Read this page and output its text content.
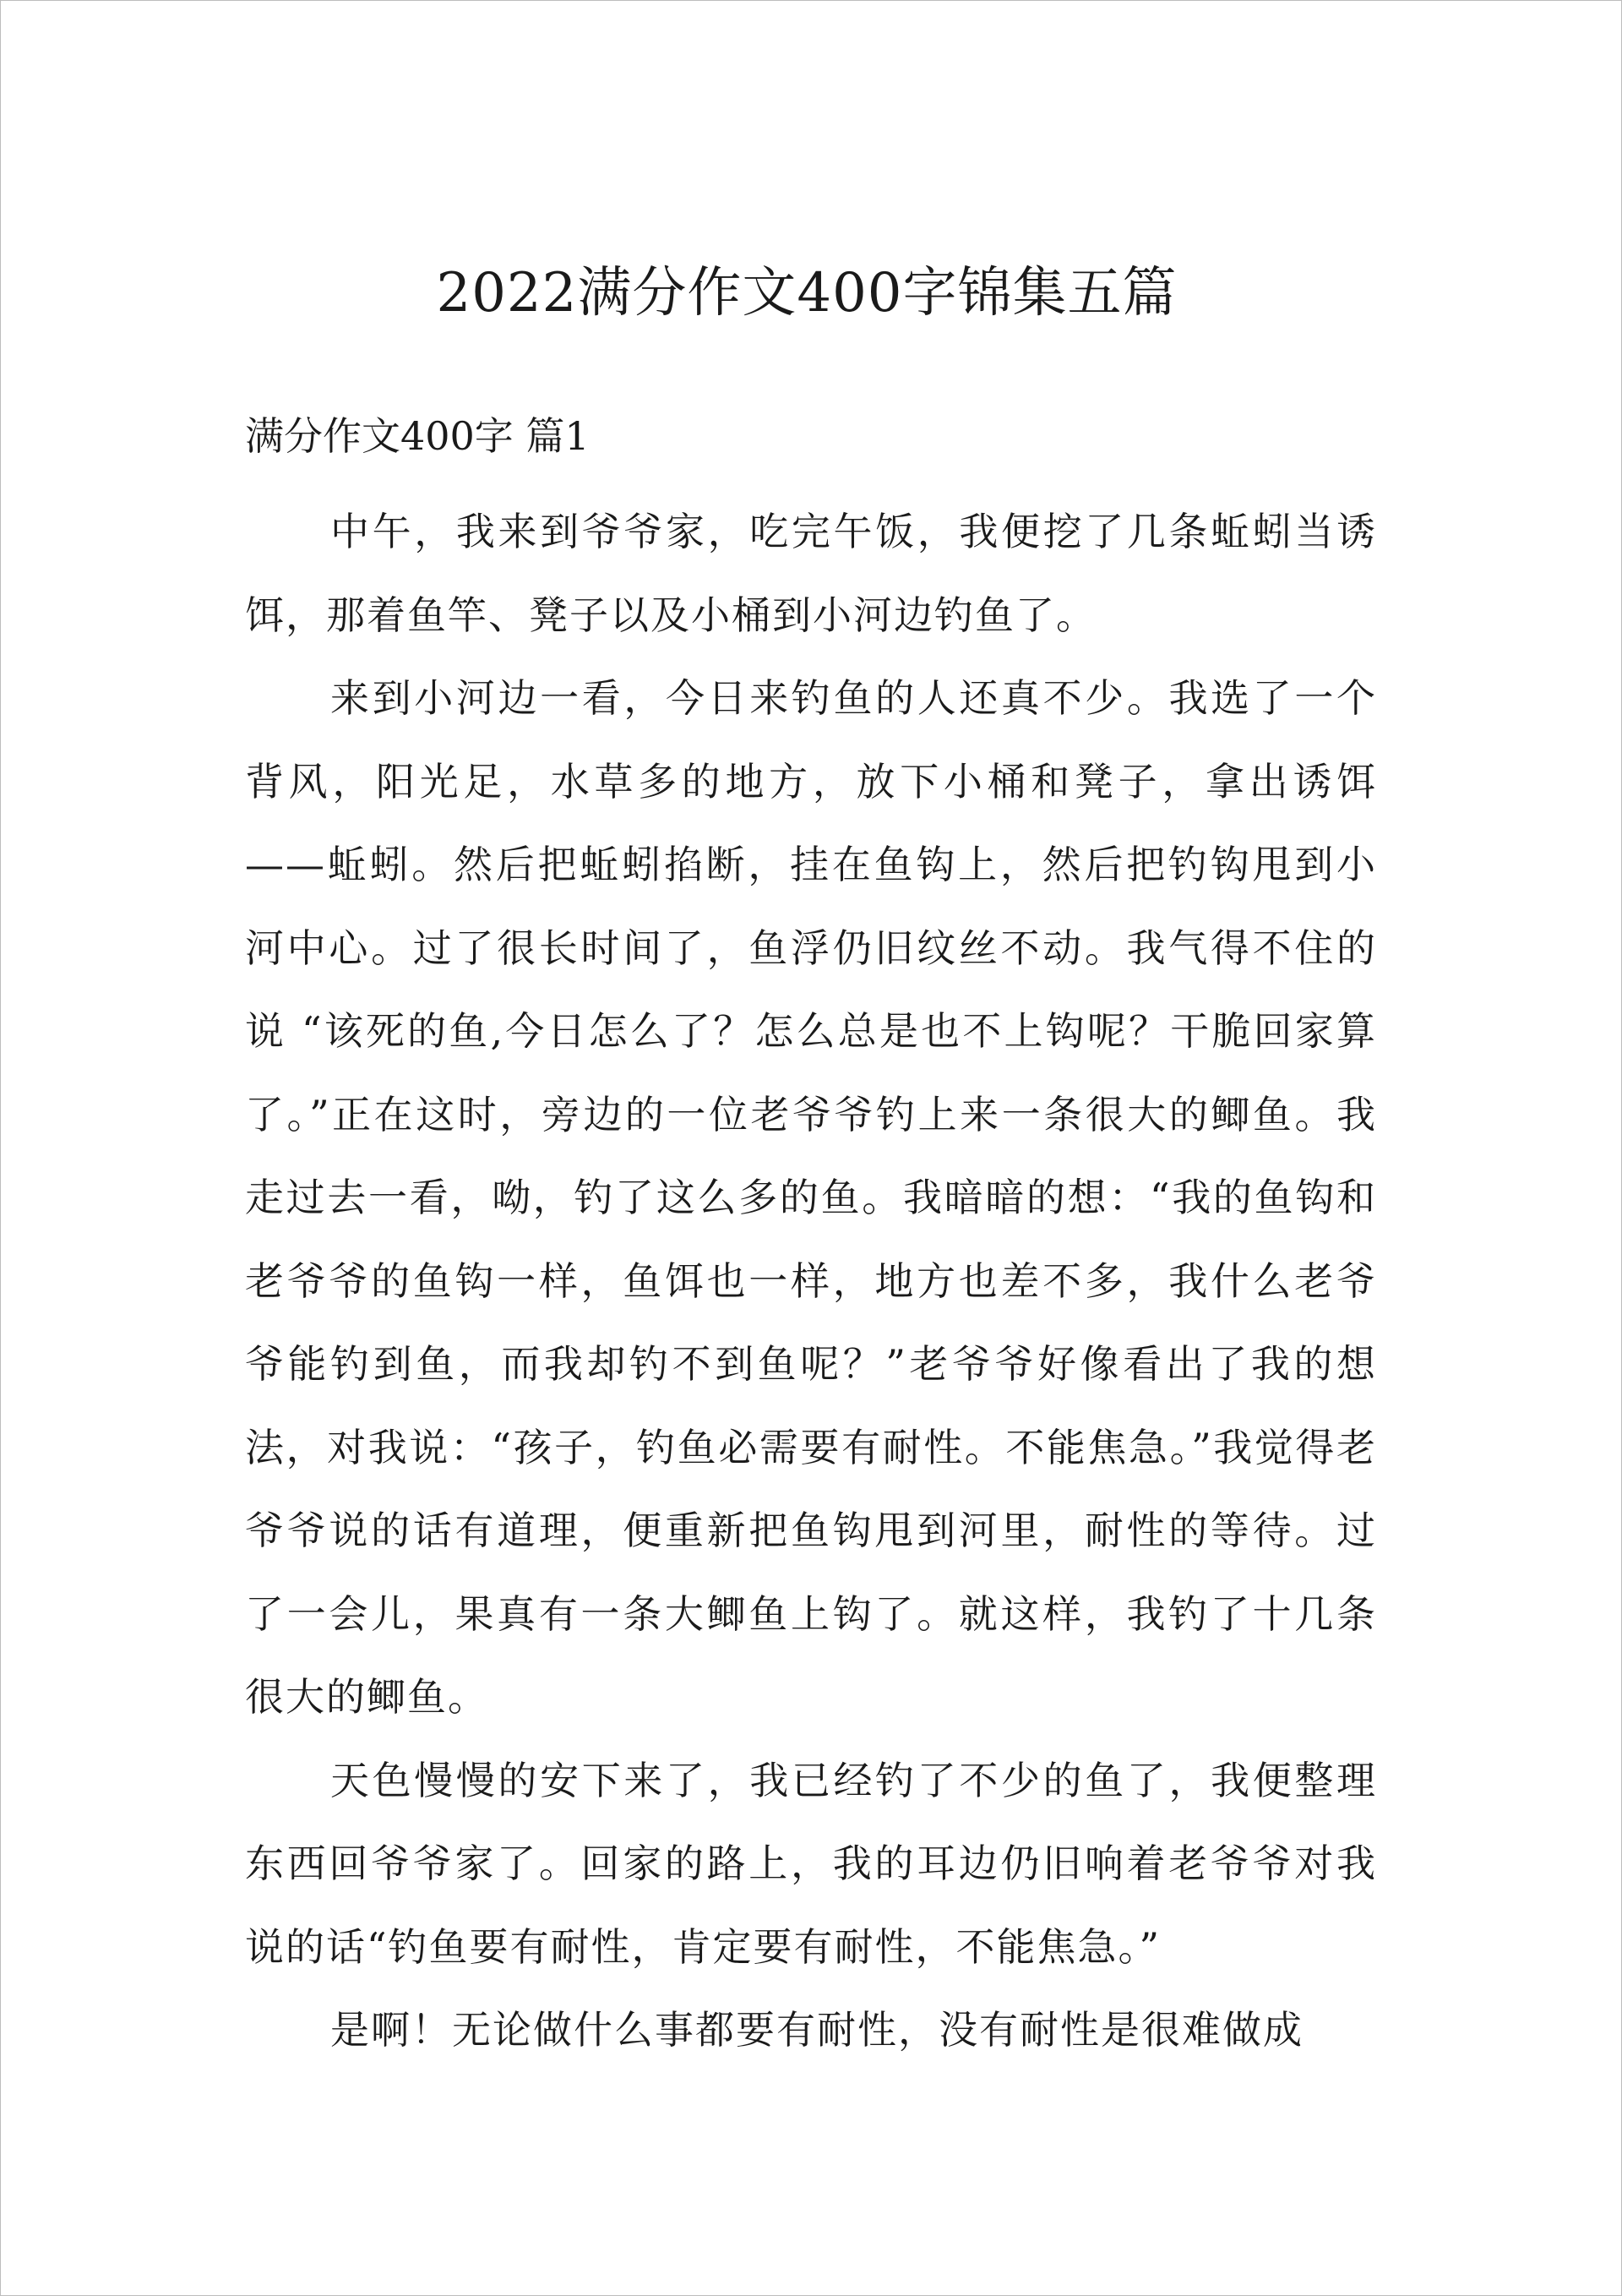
2022满分作文400字锦集五篇
满分作文400字 篇1

中午，我来到爷爷家，吃完午饭，我便挖了几条蚯蚓当诱饵，那着鱼竿、凳子以及小桶到小河边钓鱼了。

来到小河边一看，今日来钓鱼的人还真不少。我选了一个背风，阳光足，水草多的地方，放下小桶和凳子，拿出诱饵——蚯蚓。然后把蚯蚓掐断，挂在鱼钩上，然后把钓钩甩到小河中心。过了很长时间了，鱼浮仍旧纹丝不动。我气得不住的说 “该死的鱼,今日怎么了？怎么总是也不上钩呢？干脆回家算了。”正在这时，旁边的一位老爷爷钓上来一条很大的鲫鱼。我走过去一看，呦，钓了这么多的鱼。我暗暗的想：“我的鱼钩和老爷爷的鱼钩一样，鱼饵也一样，地方也差不多，我什么老爷爷能钓到鱼，而我却钓不到鱼呢？”老爷爷好像看出了我的想法，对我说：“孩子，钓鱼必需要有耐性。不能焦急。”我觉得老爷爷说的话有道理，便重新把鱼钩甩到河里，耐性的等待。过了一会儿，果真有一条大鲫鱼上钩了。就这样，我钓了十几条很大的鲫鱼。

天色慢慢的安下来了，我已经钓了不少的鱼了，我便整理东西回爷爷家了。回家的路上，我的耳边仍旧响着老爷爷对我说的话“钓鱼要有耐性，肯定要有耐性，不能焦急。”

是啊！无论做什么事都要有耐性，没有耐性是很难做成
